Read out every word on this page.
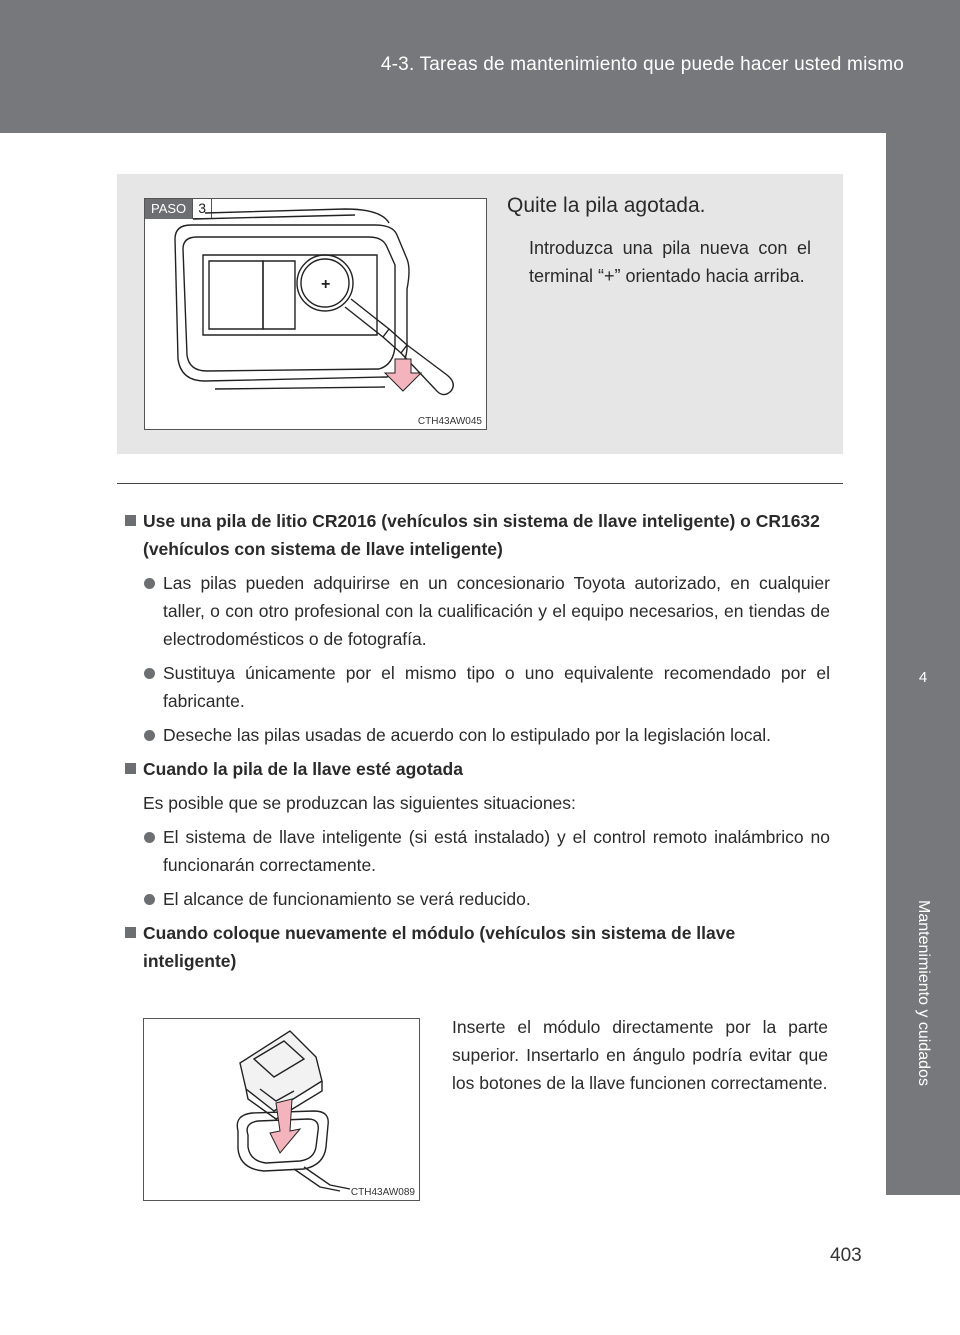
4-3. Tareas de mantenimiento que puede hacer usted mismo
4
Mantenimiento y cuidados
PASO 3
+
CTH43AW045
Quite la pila agotada.
Introduzca una pila nueva con el terminal “+” orientado hacia arriba.
Use una pila de litio CR2016 (vehículos sin sistema de llave inteligente) o CR1632 (vehículos con sistema de llave inteligente)
Las pilas pueden adquirirse en un concesionario Toyota autorizado, en cualquier taller, o con otro profesional con la cualificación y el equipo necesarios, en tiendas de electrodomésticos o de fotografía.
Sustituya únicamente por el mismo tipo o uno equivalente recomendado por el fabricante.
Deseche las pilas usadas de acuerdo con lo estipulado por la legislación local.
Cuando la pila de la llave esté agotada
Es posible que se produzcan las siguientes situaciones:
El sistema de llave inteligente (si está instalado) y el control remoto inalámbrico no funcionarán correctamente.
El alcance de funcionamiento se verá reducido.
Cuando coloque nuevamente el módulo (vehículos sin sistema de llave inteligente)
CTH43AW089
Inserte el módulo directamente por la parte superior. Insertarlo en ángulo podría evitar que los botones de la llave funcionen correctamente.
403
